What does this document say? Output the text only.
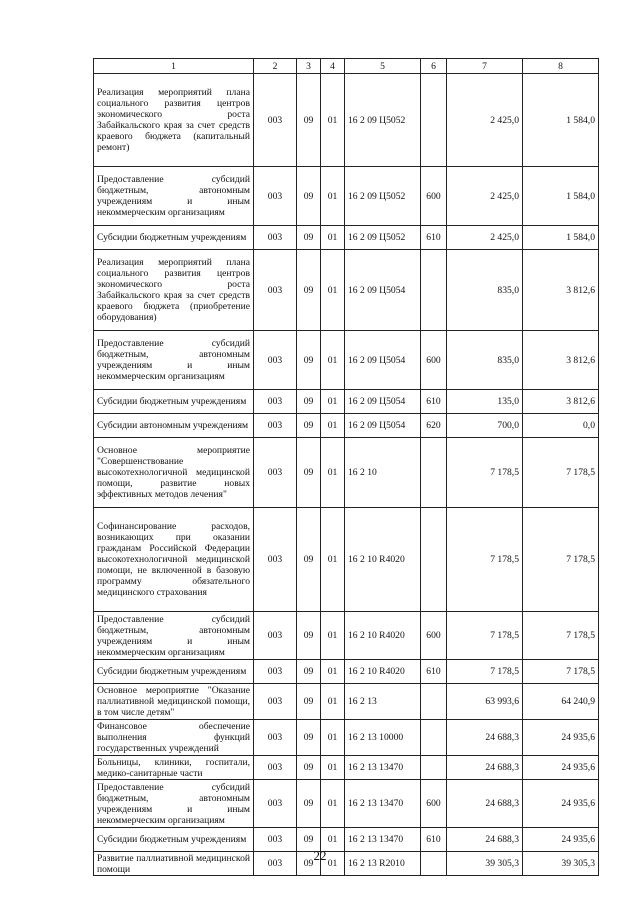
1	2	3	4	5	6	7	8
Реализация мероприятий плана социального развития центров экономического роста Забайкальского края за счет средств краевого бюджета (капитальный ремонт)	003	09	01	16 2 09 Ц5052		2 425,0	1 584,0
Предоставление субсидий бюджетным, автономным учреждениям и иным некоммерческим организациям	003	09	01	16 2 09 Ц5052	600	2 425,0	1 584,0
Субсидии бюджетным учреждениям	003	09	01	16 2 09 Ц5052	610	2 425,0	1 584,0
Реализация мероприятий плана социального развития центров экономического роста Забайкальского края за счет средств краевого бюджета (приобретение оборудования)	003	09	01	16 2 09 Ц5054		835,0	3 812,6
Предоставление субсидий бюджетным, автономным учреждениям и иным некоммерческим организациям	003	09	01	16 2 09 Ц5054	600	835,0	3 812,6
Субсидии бюджетным учреждениям	003	09	01	16 2 09 Ц5054	610	135,0	3 812,6
Субсидии автономным учреждениям	003	09	01	16 2 09 Ц5054	620	700,0	0,0
Основное мероприятие "Совершенствование высокотехнологичной медицинской помощи, развитие новых эффективных методов лечения"	003	09	01	16 2 10		7 178,5	7 178,5
Софинансирование расходов, возникающих при оказании гражданам Российской Федерации высокотехнологичной медицинской помощи, не включенной в базовую программу обязательного медицинского страхования	003	09	01	16 2 10 R4020		7 178,5	7 178,5
Предоставление субсидий бюджетным, автономным учреждениям и иным некоммерческим организациям	003	09	01	16 2 10 R4020	600	7 178,5	7 178,5
Субсидии бюджетным учреждениям	003	09	01	16 2 10 R4020	610	7 178,5	7 178,5
Основное мероприятие "Оказание паллиативной медицинской помощи, в том числе детям"	003	09	01	16 2 13		63 993,6	64 240,9
Финансовое обеспечение выполнения функций государственных учреждений	003	09	01	16 2 13 10000		24 688,3	24 935,6
Больницы, клиники, госпитали, медико-санитарные части	003	09	01	16 2 13 13470		24 688,3	24 935,6
Предоставление субсидий бюджетным, автономным учреждениям и иным некоммерческим организациям	003	09	01	16 2 13 13470	600	24 688,3	24 935,6
Субсидии бюджетным учреждениям	003	09	01	16 2 13 13470	610	24 688,3	24 935,6
Развитие паллиативной медицинской помощи	003	09	01	16 2 13 R2010		39 305,3	39 305,3
22
